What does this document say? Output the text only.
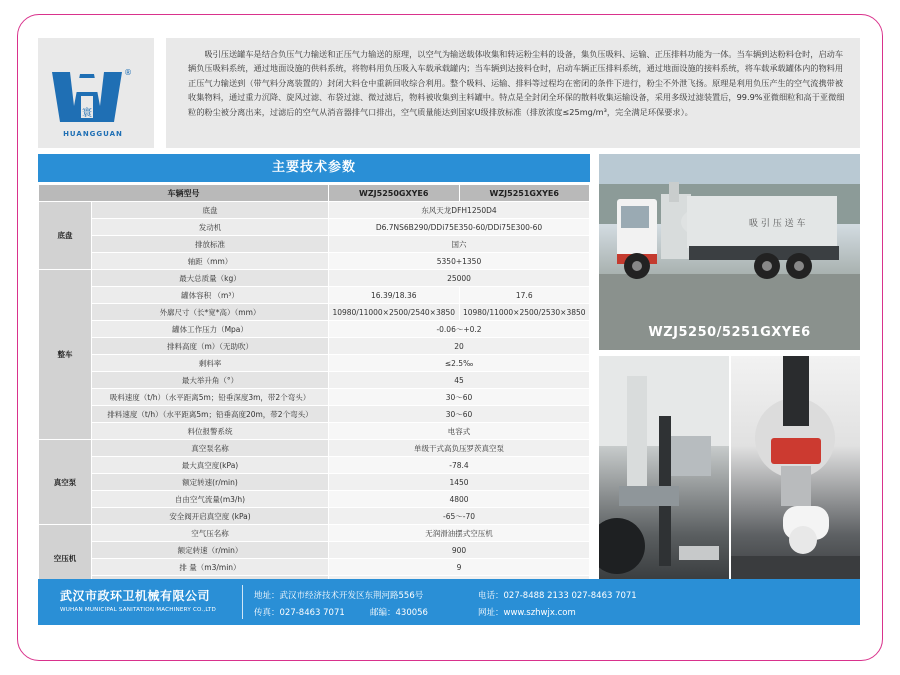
寰
®
HUANGGUAN

吸引压送罐车是结合负压气力输送和正压气力输送的原理，以空气为输送载体收集和转运粉尘料的设备，集负压吸料、运输、正压排料功能为一体。当车辆到达粉料仓时，启动车辆负压吸料系统，通过地面设施的供料系统，将物料用负压吸入车载承载罐内；当车辆到达接料仓时，启动车辆正压排料系统，通过地面设施的接料系统，将车载承载罐体内的物料用正压气力输送到（带气料分离装置的）封闭大料仓中重新回收综合利用。整个吸料、运输、排料等过程均在密闭的条件下进行，粉尘不外泄飞扬。原理是利用负压产生的空气流携带被收集物料，通过重力沉降、旋风过滤、布袋过滤、微过滤后，物料被收集到主料罐中。特点是全封闭全环保的散料收集运输设备，采用多级过滤装置后，99.9%亚微细粒和高于亚微细粒的粉尘被分离出来，过滤后的空气从消音器排气口排出，空气质量能达到国家U级排放标准（排放浓度≤25mg/m³，完全满足环保要求）。

主要技术参数
车辆型号		WZJ5250GXYE6	WZJ5251GXYE6
底盘	底盘	东风天龙DFH1250D4	
	发动机	D6.7NS6B290/DDi75E350-60/DDi75E300-60	
	排放标准	国六	
	轴距（mm）	5350+1350	
整车	最大总质量（kg）	25000	
	罐体容积 （m³）	16.39/18.36	17.6
	外廓尺寸（长*宽*高）（mm）	10980/11000×2500/2540×3850	10980/11000×2500/2530×3850
	罐体工作压力（Mpa）	-0.06～+0.2	
	排料高度（m）（无助吹）	20	
	剩料率	≤2.5‰	
	最大举升角（°）	45	
	吸料速度（t/h）（水平距离5m；铅垂深度3m，带2个弯头）	30～60	
	排料速度（t/h）（水平距离5m；铅垂高度20m，带2个弯头）	30～60	
	料位报警系统	电容式	
真空泵	真空泵名称	单级干式高负压罗茨真空泵	
	最大真空度(kPa)	-78.4	
	额定转速(r/min)	1450	
	自由空气流量(m3/h)	4800	
	安全阀开启真空度 (kPa)	-65～-70	
空压机	空气压名称	无润滑油摆式空压机	
	额定转速（r/min）	900	
	排 量（m3/min）	9	

吸 引 压 送 车
WZJ5250/5251GXYE6
武汉市政环卫机械有限公司
WUHAN MUNICIPAL SANITATION MACHINERY CO.,LTD
地址：武汉市经济技术开发区东荆河路556号
传真：027-8463 7071	邮编：430056
电话：027-8488 2133 027-8463 7071
网址：www.szhwjx.com
